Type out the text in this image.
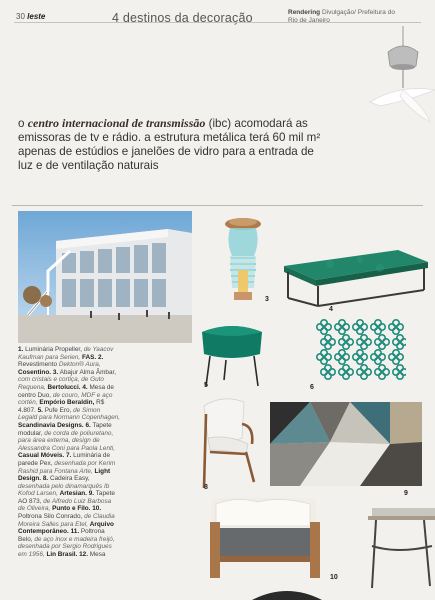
30 leste	4 destinos da decoração	Rendering Divulgação/ Prefeitura do Rio de Janeiro
o centro internacional de transmissão (ibc) acomodará as emissoras de tv e rádio. a estrutura metálica terá 60 mil m² apenas de estúdios e janelões de vidro para a entrada de luz e de ventilação naturais
1. Luminária Propeller, de Yaacov Kaufman para Serien, FAS. 2. Revestimento Dekton® Aura, Cosentino. 3. Abajur Alma Âmbar, com cristais e cortiça, de Guto Requena, Bertolucci. 4. Mesa de centro Duo, de couro, MDF e aço cortén, Empório Beraldin, R$ 4.807. 5. Pufe Ero, de Simon Legald para Normann Copenhagen, Scandinavia Designs. 6. Tapete modular, de corda de poliuretano, para área externa, design de Alessandra Coni para Paola Lenti, Casual Móveis. 7. Luminária de parede Pex, desenhada por Kerim Rashid para Fontana Arte, Light Design. 8. Cadeira Easy, desenhada pelo dinamarquês Ib Kofod Larsen, Artesian. 9. Tapete AO 873, de Alfredo Luiz Barbosa de Oliveira, Punto e Filo. 10. Poltrona Silo Conrado, de Claudia Moreira Salles para Etel, Arquivo Contemporâneo. 11. Poltrona Belo, de aço inox e madeira freijó, desenhada por Sergio Rodrigues em 1956, Lin Brasil. 12. Mesa
3
4
5	6
8
10
9
